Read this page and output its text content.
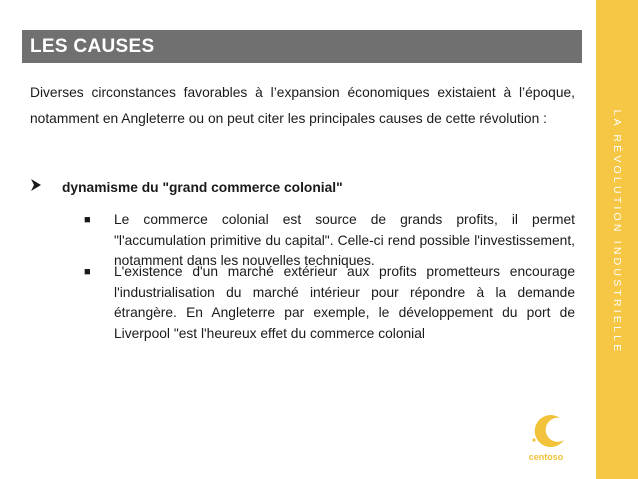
LES CAUSES
LA RÉVOLUTION INDUSTRIELLE
Diverses circonstances favorables à l’expansion économiques existaient à l’époque, notamment en Angleterre ou on peut citer les principales causes de cette révolution :
dynamisme du "grand commerce colonial"
■ Le commerce colonial est source de grands profits, il permet "l'accumulation primitive du capital". Celle-ci rend possible l'investissement, notamment dans les nouvelles techniques.
■ L'existence d'un marché extérieur aux profits prometteurs encourage l'industrialisation du marché intérieur pour répondre à la demande étrangère. En Angleterre par exemple, le développement du port de Liverpool "est l'heureux effet du commerce colonial
centoso
